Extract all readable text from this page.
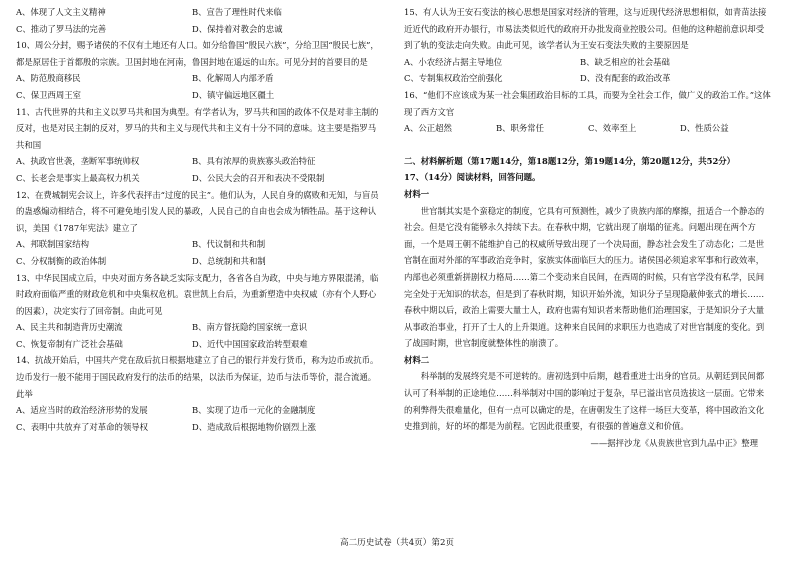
A、体现了人文主义精神	B、宣告了理性时代来临
C、推动了罗马法的完善	D、保持着对教会的忠诚

10、周公分封，赐予诸侯的不仅有土地还有人口。如分给鲁国“殷民六族”，分给卫国“殷民七族”，都是原居住于首都殷的宗族。卫国封地在河南，鲁国封地在遥远的山东。可见分封的首要目的是

A、防范殷商移民	B、化解周人内部矛盾
C、保卫西周王室	D、镇守偏远地区疆土

11、古代世界的共和主义以罗马共和国为典型。有学者认为，罗马共和国的政体不仅是对非主制的反对，也是对民主制的反对，罗马的共和主义与现代共和主义有十分不同的意味。这主要是指罗马共和国

A、执政官世袭，垄断军事统帅权	B、具有浓厚的贵族寡头政治特征
C、长老会是事实上最高权力机关	D、公民大会的召开和表决不受限制

12、在费城制宪会议上，许多代表抨击“过度的民主”。他们认为，人民自身的腐败和无知，与盲员的蛊惑煽动相结合，将不可避免地引发人民的暴政，人民自己的自由也会成为牺牲品。基于这种认识，美国《1787年宪法》建立了

A、邦联制国家结构	B、代议制和共和制
C、分权制衡的政治体制	D、总统制和共和制

13、中华民国成立后，中央对面方务各缺乏实际支配力，各省各自为政，中央与地方界限混淆，临时政府面临严重的财政危机和中央集权危机。袁世凯上台后，为重新塑造中央权威（亦有个人野心的因素），决定实行了回帝制。由此可见

A、民主共和制造背历史潮流	B、南方督抚隐约国家统一意识
C、恢复帝制有广泛社会基础	D、近代中国国家政治转型艰难

14、抗战开始后，中国共产党在敌后抗日根据地建立了自己的银行并发行货币，称为边币或抗币。边币发行一般不能用于国民政府发行的法币的结果，以法币为保证，边币与法币等价，混合流通。此举

A、适应当时的政治经济形势的发展	B、实现了边币一元化的金融制度
C、表明中共放弃了对革命的领导权	D、造成敌后根据地物价剧烈上涨

15、有人认为王安石变法的核心思想是国家对经济的管理，这与近现代经济思想相似，如青苗法接近近代的政府开办银行，市易法类似近代的政府开办批发商业控股公司。但他的这种超前意识却受到了轨的变法走向失败。由此可见，该学者认为王安石变法失败的主要原因是

A、小农经济占据主导地位	B、缺乏相应的社会基础
C、专制集权政治空前强化	D、没有配套的政治改革

16、“他们不应该成为某一社会集团政治目标的工具，而要为全社会工作，做广义的政治工作。”这体现了西方文官

A、公正超然	B、职务常任	C、效率至上	D、性质公益

二、材料解析题（第17题14分，第18题12分，第19题14分，第20题12分，共52分）

17、（14分）阅读材料，回答问题。

材料一

世官制其实是个蛮稳定的制度，它具有可预测性，减少了贵族内部的摩擦，扭适合一个静态的社会。但是它没有能够永久持续下去。在春秋中期，它就出现了崩塌的征兆。问题出现在两个方面，一个是周王朝不能维护自己的权威所导致出现了一个决局面，静态社会发生了动态化；二是世官制在面对外部的军事政治竞争时，家族实体面临巨大的压力。诸侯国必须追求军事和行政效率，内部也必须重新拼剧权力格局……第二个变动来自民间，在西周的时候，只有官学没有私学，民间完全处于无知识的状态，但是到了春秋时期，知识开始外流，知识分子呈现隐蔽伸张式的增长……春秋中期以后，政治上需要大量士人，政府也需有知识者来帮助他们治理国家，于是知识分子大量从事政治事业，打开了士人的上升渠道。这种来自民间的求职压力也造成了对世官制度的变化。到了战国时期，世官制度就整体性的崩溃了。

材料二

科举制的发展终究是不可逆转的。唐初选到中后期，越看重进士出身的官员。从朝廷到民间都认可了科举制的正途地位……科举制对中国的影响过于复杂，早已溢出官员选拔这一层面。它带来的利弊得失很难量化，但有一点可以确定的是，在唐朝发生了这样一场巨大变革，将中国政治文化史推到前，好的坏的都是为前程。它因此很重要，有很强的普遍意义和价值。

——据抨沙龙《从贵族世官到九品中正》整理

高二历史试卷（共4页）第2页
